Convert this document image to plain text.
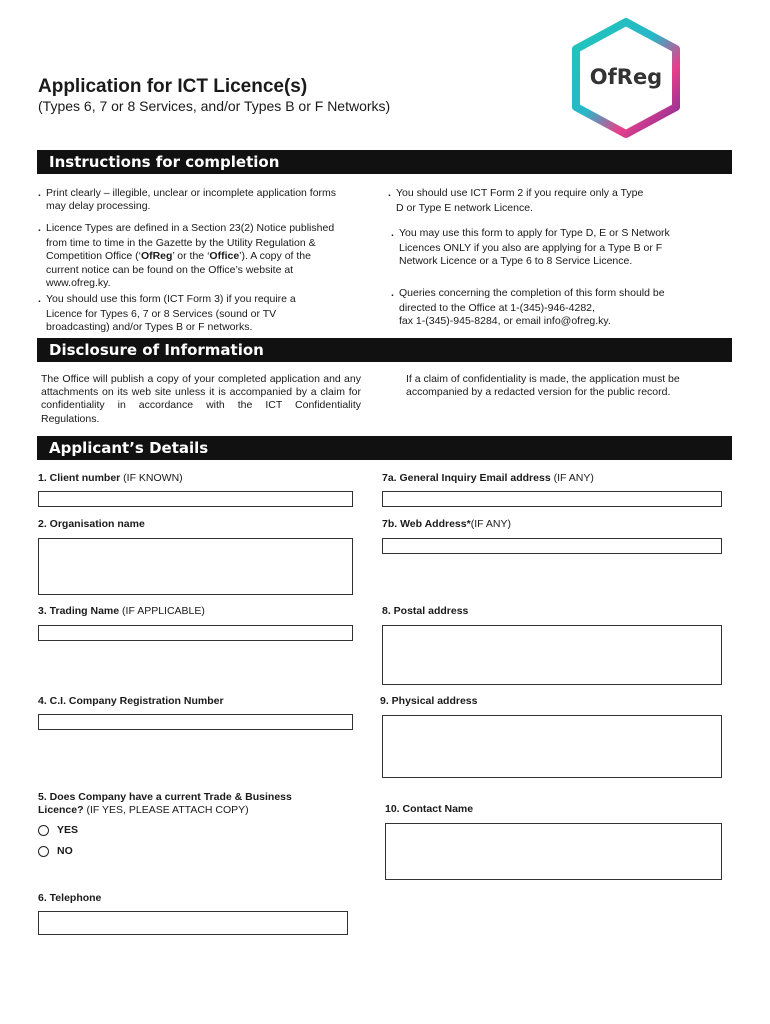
Application for ICT Licence(s)
(Types 6, 7 or 8 Services, and/or Types B or F Networks)
OfReg
Instructions for completion
. Print clearly – illegible, unclear or incomplete application forms
may delay processing.
. Licence Types are defined in a Section 23(2) Notice published
from time to time in the Gazette by the Utility Regulation &
Competition Office (‘OfReg’ or the ‘Office’). A copy of the
current notice can be found on the Office’s website at
www.ofreg.ky.
. You should use this form (ICT Form 3) if you require a
Licence for Types 6, 7 or 8 Services (sound or TV
broadcasting) and/or Types B or F networks.
. You should use ICT Form 2 if you require only a Type
D or Type E network Licence.
. You may use this form to apply for Type D, E or S Network
Licences ONLY if you also are applying for a Type B or F
Network Licence or a Type 6 to 8 Service Licence.
. Queries concerning the completion of this form should be
directed to the Office at 1-(345)-946-4282,
fax 1-(345)-945-8284, or email info@ofreg.ky.
Disclosure of Information
The Office will publish a copy of your completed application and any attachments on its web site unless it is accompanied by a claim for confidentiality in accordance with the ICT Confidentiality Regulations.
If a claim of confidentiality is made, the application must be
accompanied by a redacted version for the public record.
Applicant’s Details
1. Client number (IF KNOWN)
2. Organisation name
3. Trading Name (IF APPLICABLE)
4. C.I. Company Registration Number
5. Does Company have a current Trade & Business
Licence? (IF YES, PLEASE ATTACH COPY)
YES
NO
6. Telephone
7a. General Inquiry Email address (IF ANY)
7b. Web Address*(IF ANY)
8. Postal address
9. Physical address
10. Contact Name
